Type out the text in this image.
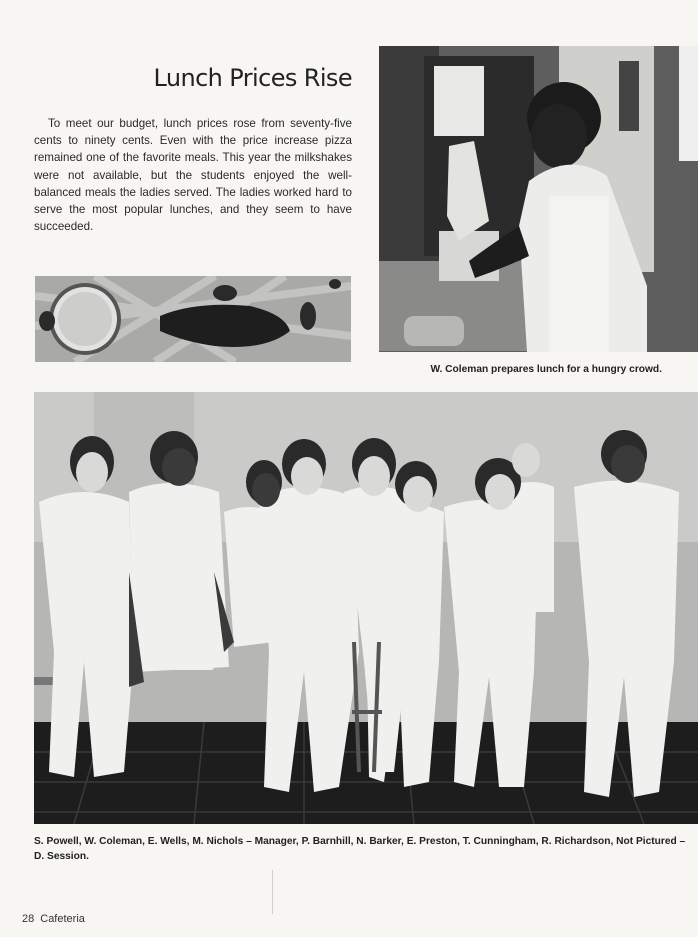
Lunch Prices Rise

To meet our budget, lunch prices rose from seventy-five cents to ninety cents. Even with the price increase pizza remained one of the favorite meals. This year the milkshakes were not available, but the students enjoyed the well-balanced meals the ladies served. The ladies worked hard to serve the most popular lunches, and they seem to have succeeded.

W. Coleman prepares lunch for a hungry crowd.
S. Powell, W. Coleman, E. Wells, M. Nichols – Manager, P. Barnhill, N. Barker, E. Preston, T. Cunningham, R. Richardson, Not Pictured – D. Session.
28 Cafeteria
